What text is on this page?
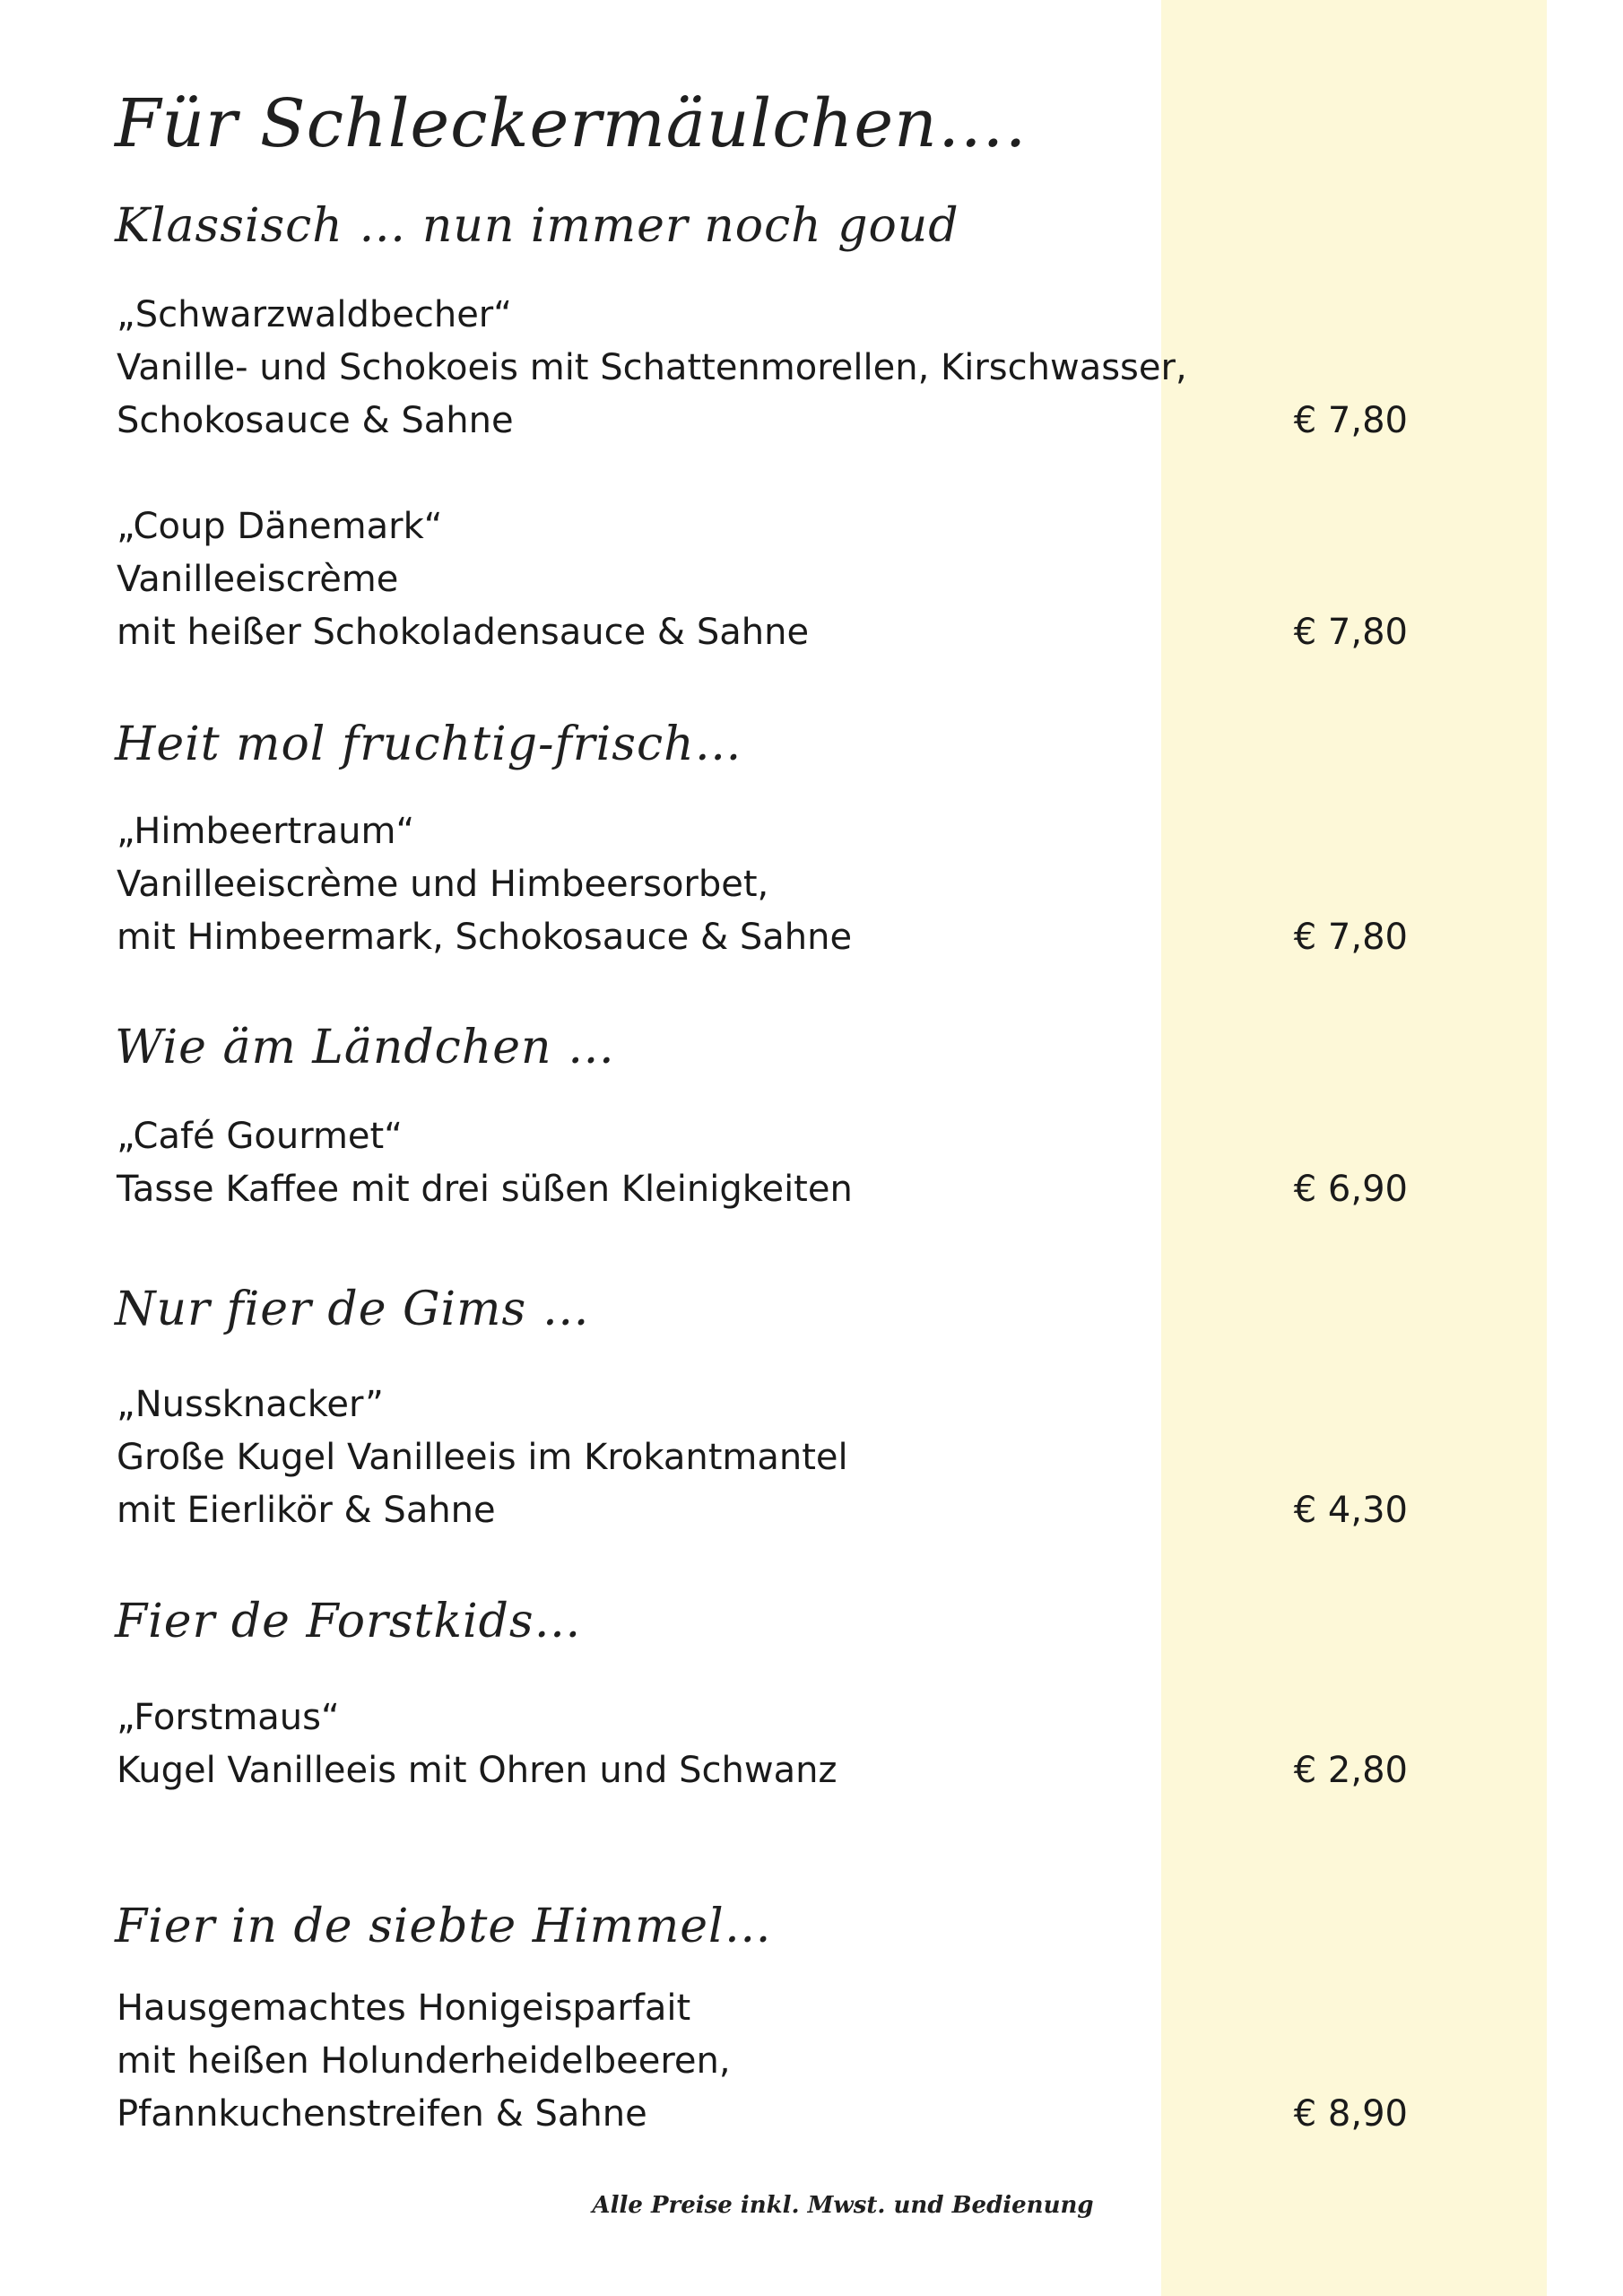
Für Schleckermäulchen….
Klassisch … nun immer noch goud
„Schwarzwaldbecher“
Vanille- und Schokoeis mit Schattenmorellen, Kirschwasser,
Schokosauce & Sahne	€ 7,80
„Coup Dänemark“
Vanilleeiscrème
mit heißer Schokoladensauce & Sahne	€ 7,80
Heit mol fruchtig-frisch…
„Himbeertraum“
Vanilleeiscrème und Himbeersorbet,
mit Himbeermark, Schokosauce & Sahne	€ 7,80
Wie äm Ländchen …
„Café Gourmet“
Tasse Kaffee mit drei süßen Kleinigkeiten	€ 6,90
Nur fier de Gims …
„Nussknacker”
Große Kugel Vanilleeis im Krokantmantel
mit Eierlikör & Sahne	€ 4,30
Fier de Forstkids…
„Forstmaus“
Kugel Vanilleeis mit Ohren und Schwanz	€ 2,80
Fier in de siebte Himmel…
Hausgemachtes Honigeisparfait
mit heißen Holunderheidelbeeren,
Pfannkuchenstreifen & Sahne	€ 8,90
Alle Preise inkl. Mwst. und Bedienung
